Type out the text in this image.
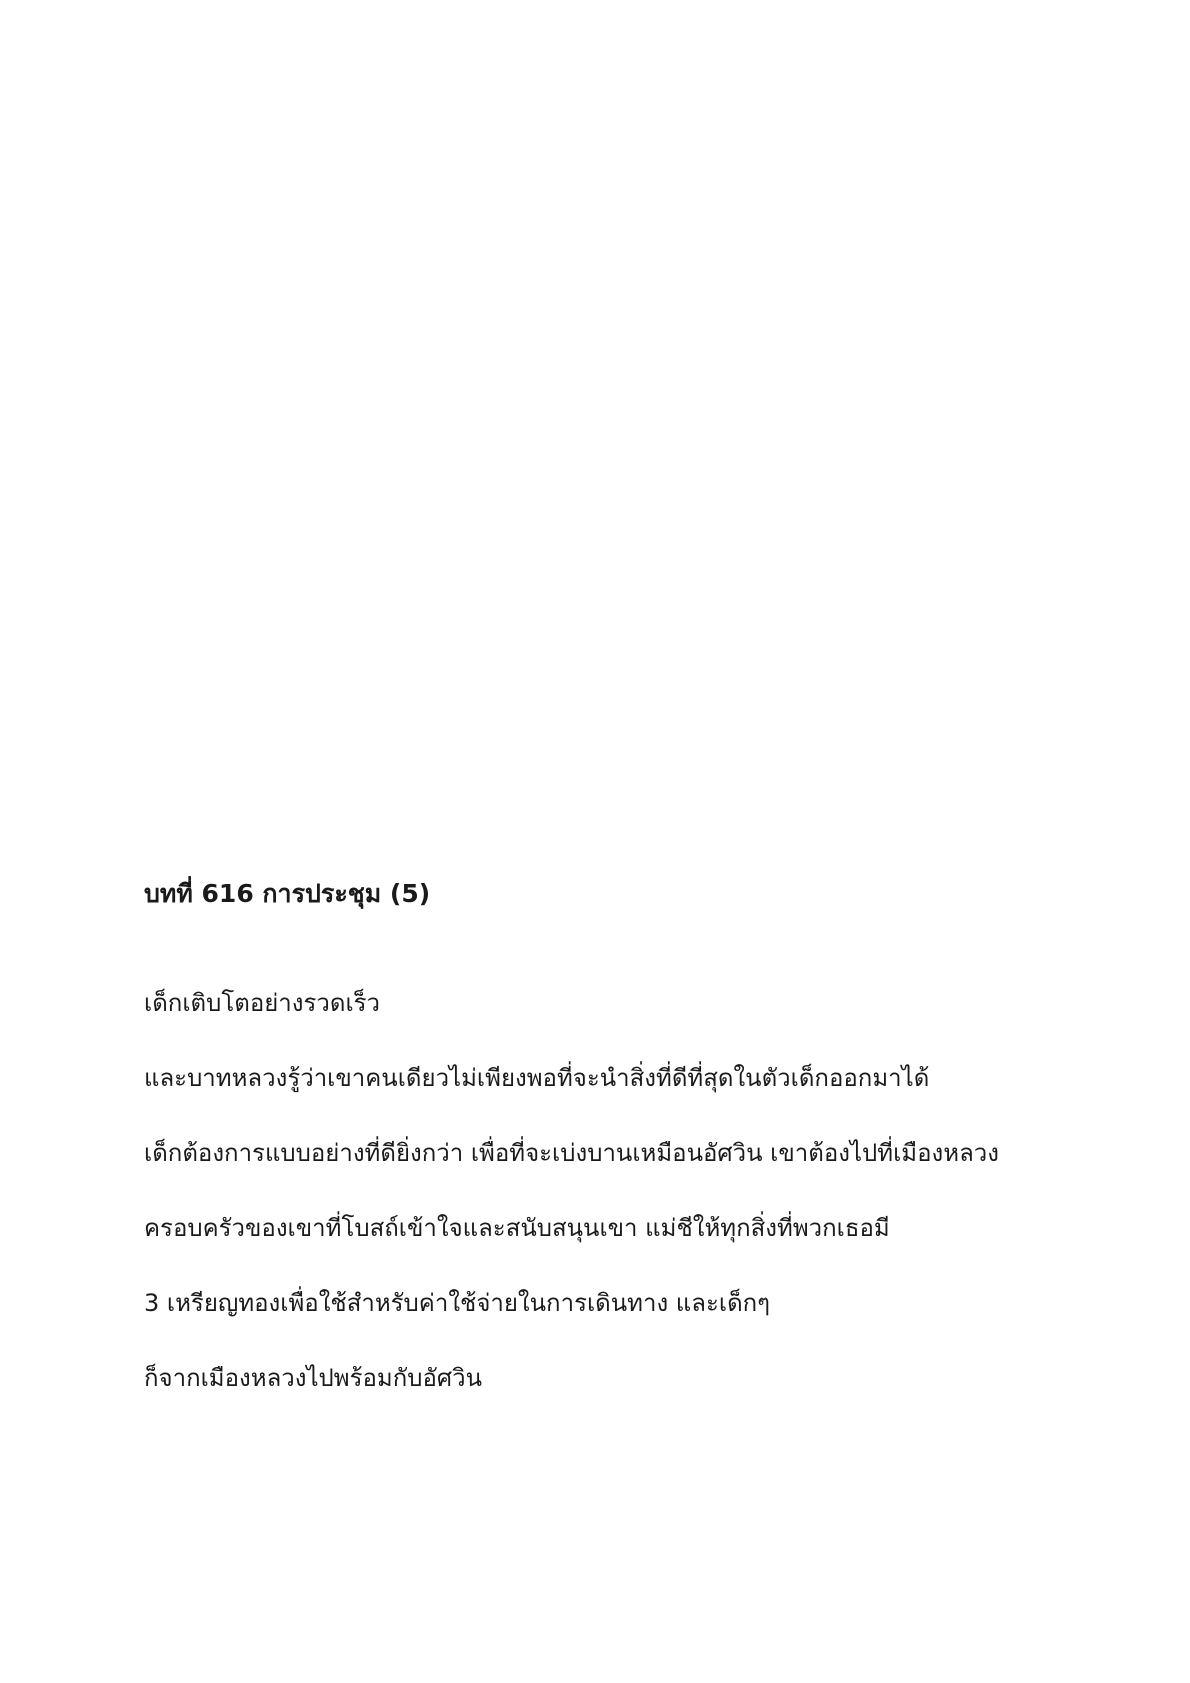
บทที่ 616 การประชุม (5)

เด็กเติบโตอย่างรวดเร็ว

และบาทหลวงรู้ว่าเขาคนเดียวไม่เพียงพอที่จะนำสิ่งที่ดีที่สุดในตัวเด็กออกมาได้

เด็กต้องการแบบอย่างที่ดียิ่งกว่า เพื่อที่จะเบ่งบานเหมือนอัศวิน เขาต้องไปที่เมืองหลวง

ครอบครัวของเขาที่โบสถ์เข้าใจและสนับสนุนเขา แม่ชีให้ทุกสิ่งที่พวกเธอมี

3 เหรียญทองเพื่อใช้สำหรับค่าใช้จ่ายในการเดินทาง และเด็กๆ

ก็จากเมืองหลวงไปพร้อมกับอัศวิน
